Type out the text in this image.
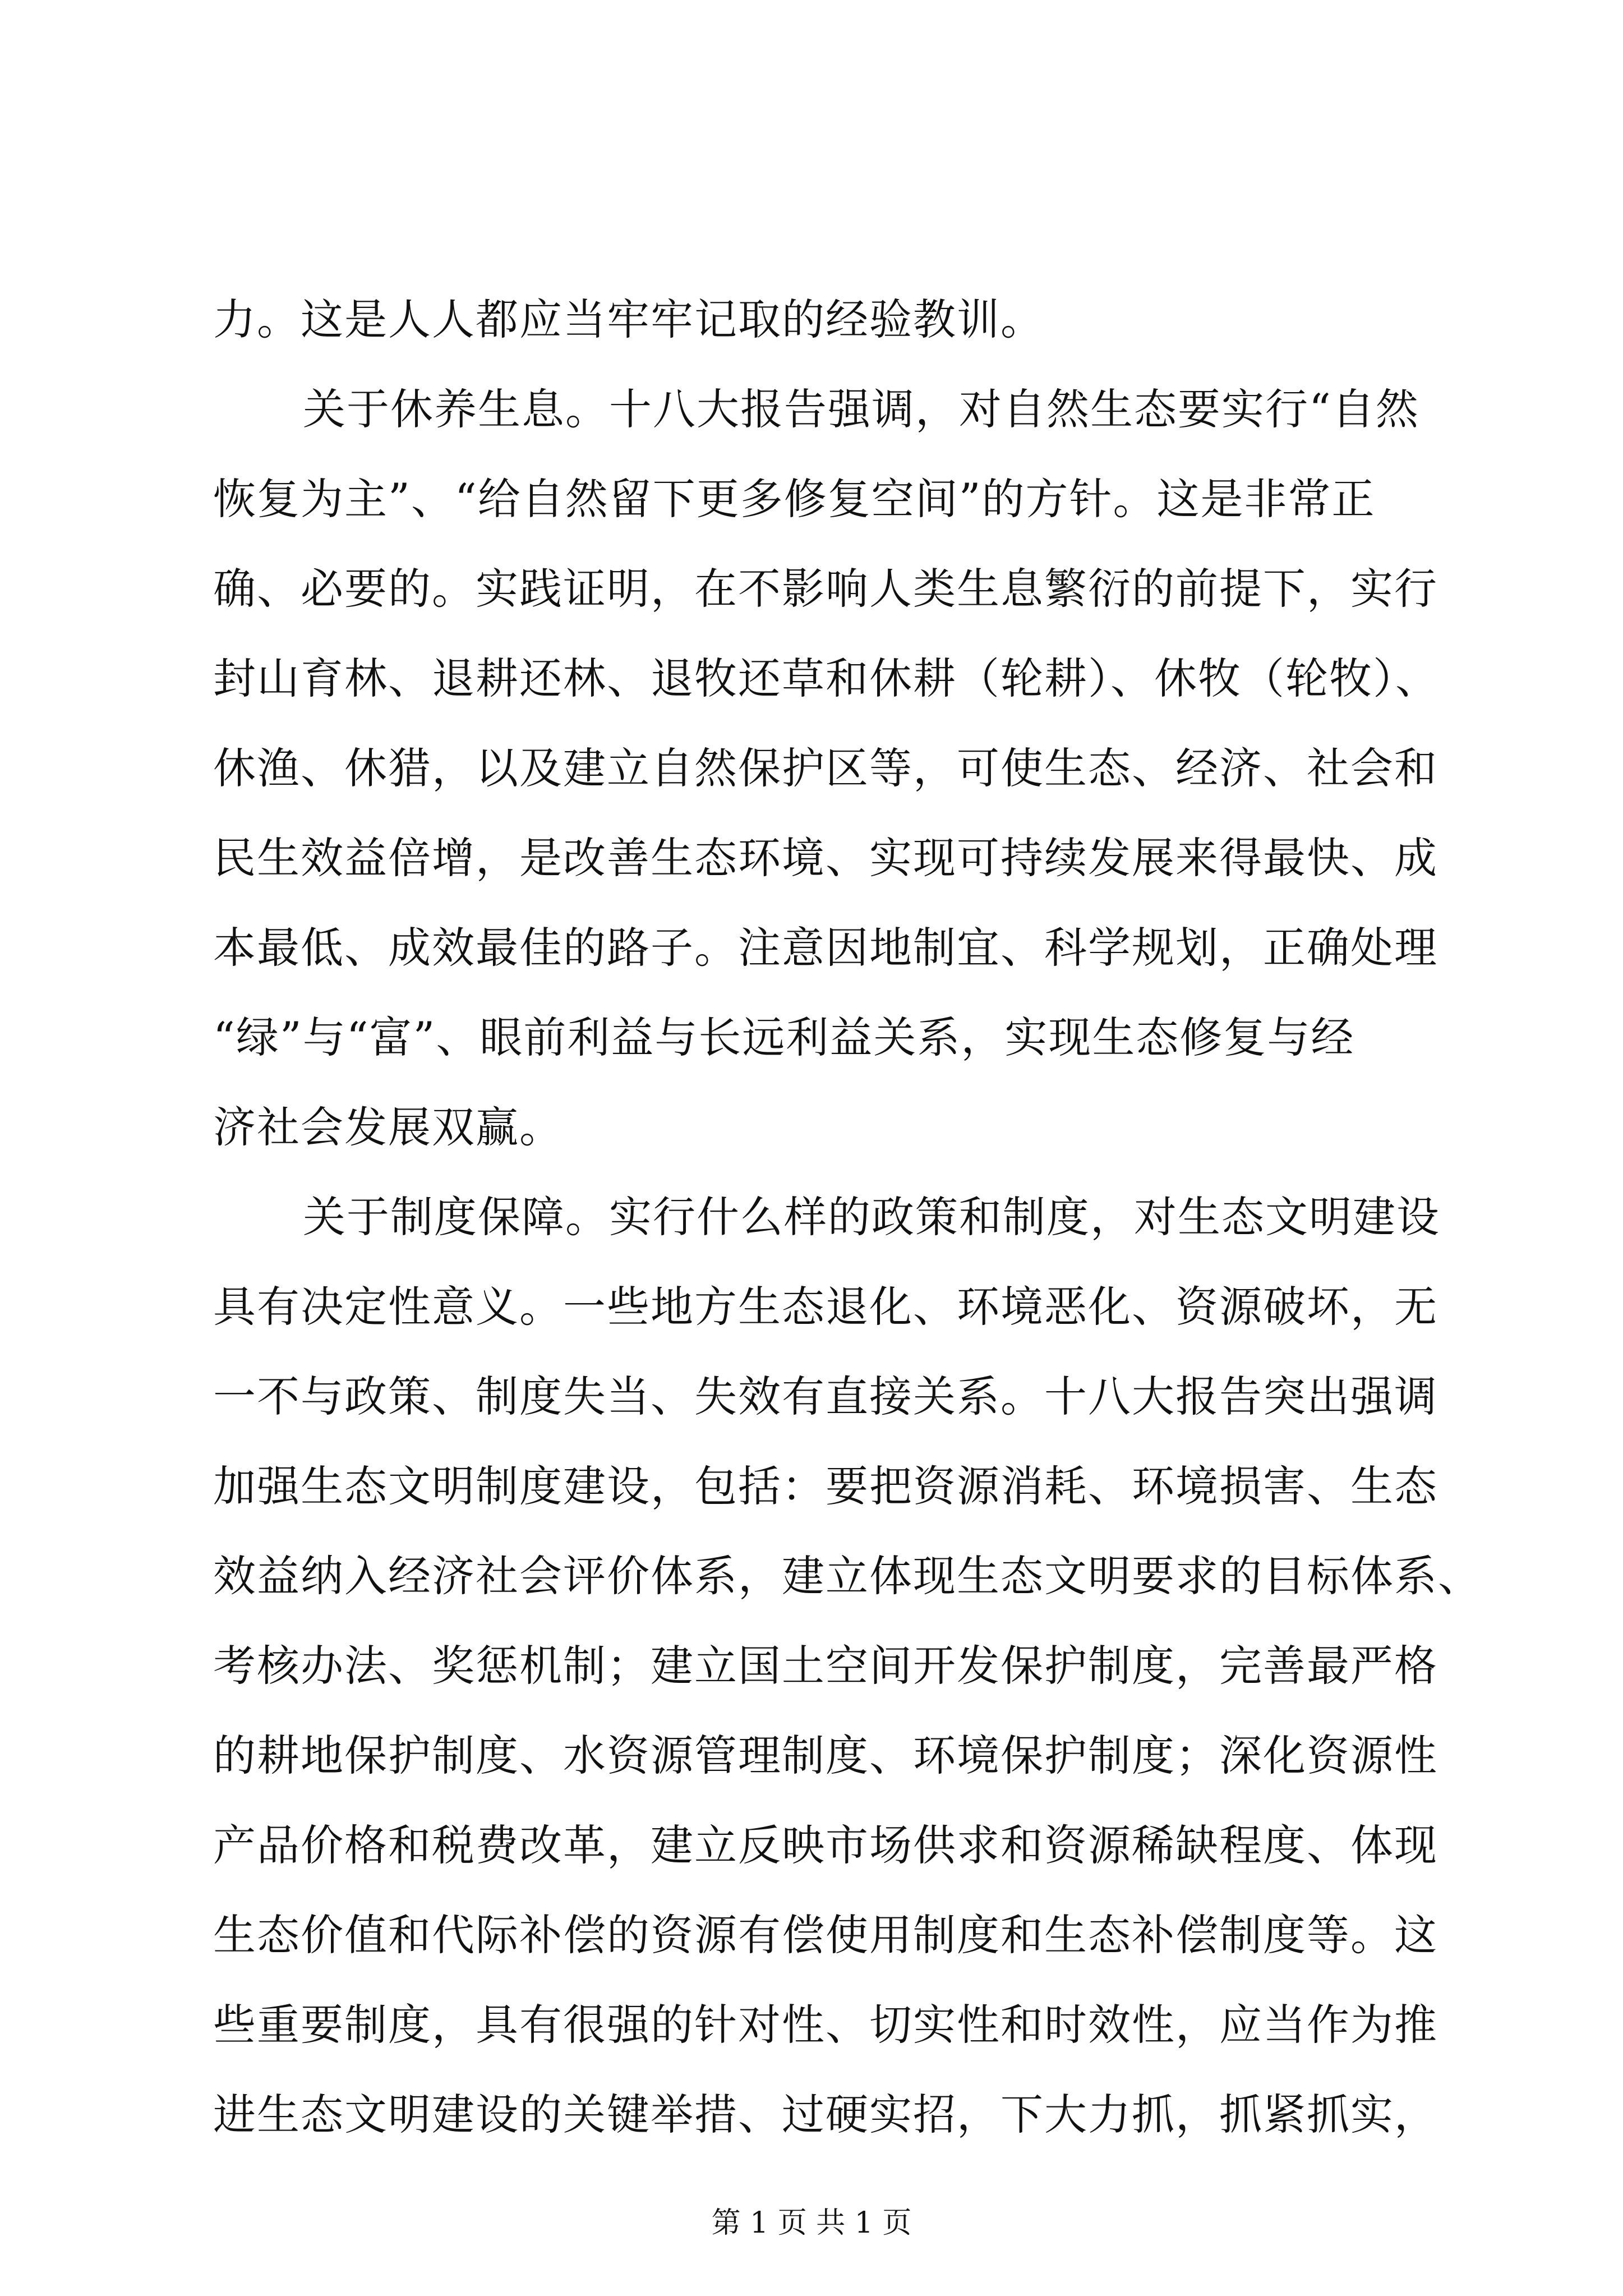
力。这是人人都应当牢牢记取的经验教训。
关于休养生息。十八大报告强调，对自然生态要实行“自然
恢复为主”、“给自然留下更多修复空间”的方针。这是非常正
确、必要的。实践证明，在不影响人类生息繁衍的前提下，实行
封山育林、退耕还林、退牧还草和休耕（轮耕）、休牧（轮牧）、
休渔、休猎，以及建立自然保护区等，可使生态、经济、社会和
民生效益倍增，是改善生态环境、实现可持续发展来得最快、成
本最低、成效最佳的路子。注意因地制宜、科学规划，正确处理
“绿”与“富”、眼前利益与长远利益关系，实现生态修复与经
济社会发展双赢。
关于制度保障。实行什么样的政策和制度，对生态文明建设
具有决定性意义。一些地方生态退化、环境恶化、资源破坏，无
一不与政策、制度失当、失效有直接关系。十八大报告突出强调
加强生态文明制度建设，包括：要把资源消耗、环境损害、生态
效益纳入经济社会评价体系，建立体现生态文明要求的目标体系、
考核办法、奖惩机制；建立国土空间开发保护制度，完善最严格
的耕地保护制度、水资源管理制度、环境保护制度；深化资源性
产品价格和税费改革，建立反映市场供求和资源稀缺程度、体现
生态价值和代际补偿的资源有偿使用制度和生态补偿制度等。这
些重要制度，具有很强的针对性、切实性和时效性，应当作为推
进生态文明建设的关键举措、过硬实招，下大力抓，抓紧抓实，
第 1 页 共 1 页
